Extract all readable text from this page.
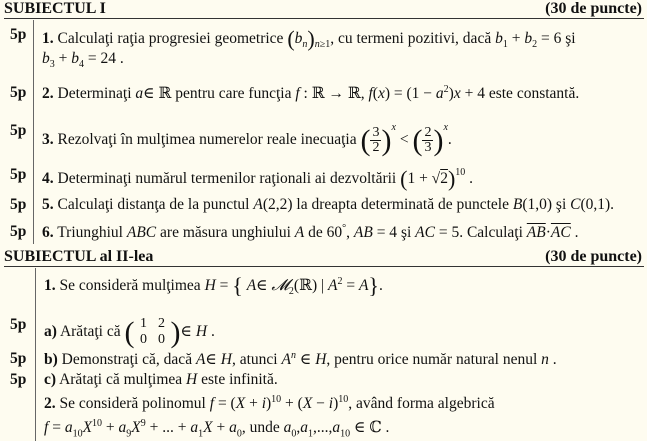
SUBIECTUL I	(30 de puncte)
5p 1. Calculaţi raţia progresiei geometrice $(b_n)_{n\ge 1}$, cu termeni pozitivi, dacă $b_1 + b_2 = 6$ şi
$b_3 + b_4 = 24$ .
5p 2. Determinaţi a∈ ℝ pentru care funcţia f : ℝ → ℝ, $f(x) = (1 - a^2)x + 4$ este constantă.
5p
3. Rezolvaţi în mulţimea numerelor reale inecuaţia ( $\frac{3}{2} )^x$ < ( $\frac{2}{3} )^x$.
5p 4. Determinaţi numărul termenilor raţionali ai dezvoltării $(1 + √2)^{10}$ .
5p 5. Calculaţi distanţa de la punctul A(2,2) la dreapta determinată de punctele B(1,0) şi C(0,1).
5p 6. Triunghiul ABC are măsura unghiului A de 60°, AB = 4 şi AC = 5. Calculaţi $\overline{AB}\cdot\overline{AC}$ .
SUBIECTUL al II-lea	(30 de puncte)
1. Se consideră mulţimea H = { A∈ 𝓜$_2$(ℝ) | $A^2 = A$}.
5p a) Arătaţi că ( 1 2
0 0 )∈ H .
5p b) Demonstraţi că, dacă A∈ H, atunci $A^n$ ∈ H, pentru orice număr natural nenul n .
5p c) Arătaţi că mulţimea H este infinită.
2. Se consideră polinomul $f = (X + i)^{10} + (X - i)^{10}$, având forma algebrică
$f = a_{10}X^{10} + a_9X^9$ + ... + $a_1X + a_0$, unde $a_0,a_1,...,a_{10}$ ∈ ℂ .
